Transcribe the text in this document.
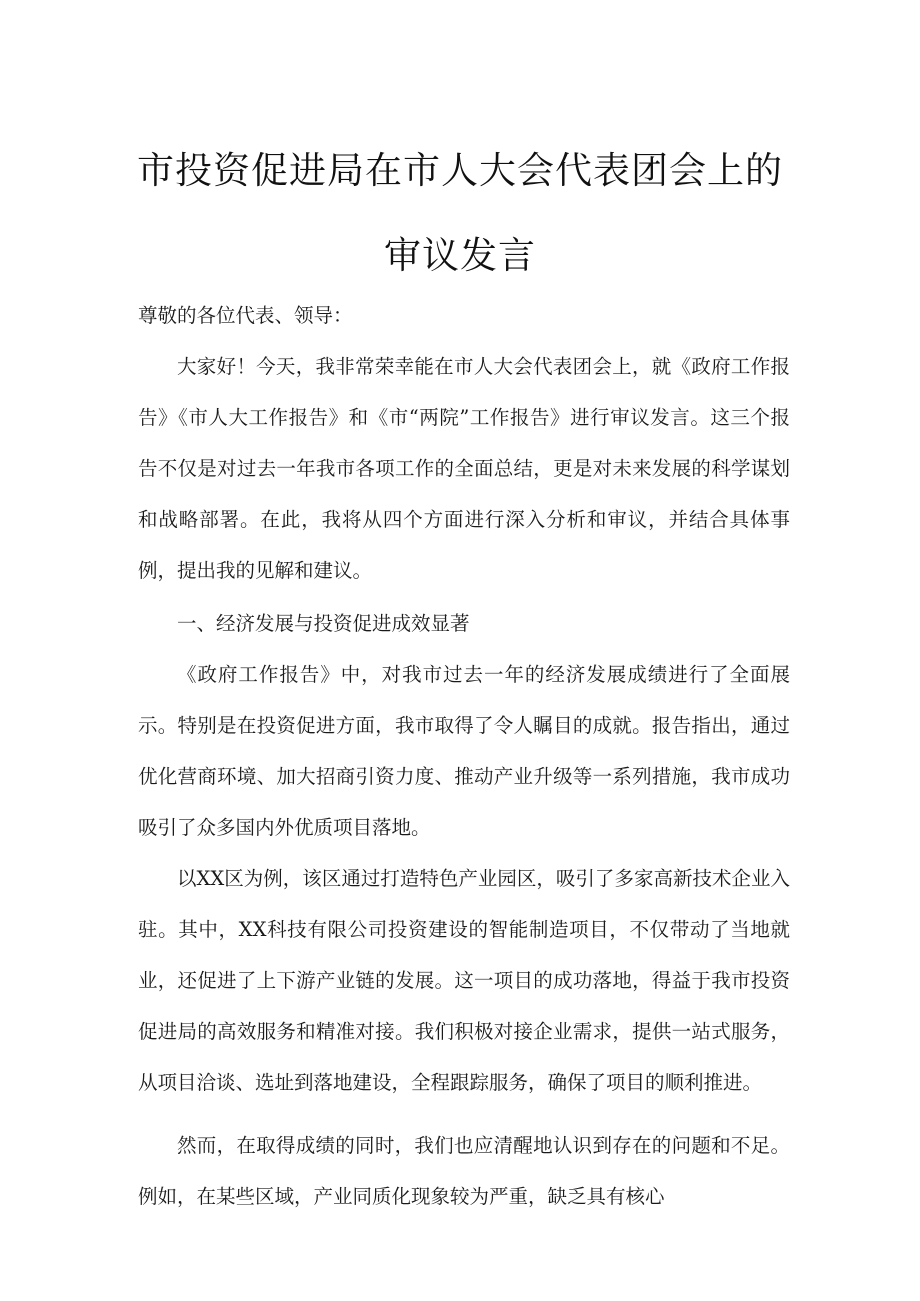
市投资促进局在市人大会代表团会上的
审议发言

尊敬的各位代表、领导：

大家好！今天，我非常荣幸能在市人大会代表团会上，就《政府工作报告》《市人大工作报告》和《市“两院”工作报告》进行审议发言。这三个报告不仅是对过去一年我市各项工作的全面总结，更是对未来发展的科学谋划和战略部署。在此，我将从四个方面进行深入分析和审议，并结合具体事例，提出我的见解和建议。

一、经济发展与投资促进成效显著

《政府工作报告》中，对我市过去一年的经济发展成绩进行了全面展示。特别是在投资促进方面，我市取得了令人瞩目的成就。报告指出，通过优化营商环境、加大招商引资力度、推动产业升级等一系列措施，我市成功吸引了众多国内外优质项目落地。

以XX区为例，该区通过打造特色产业园区，吸引了多家高新技术企业入驻。其中，XX科技有限公司投资建设的智能制造项目，不仅带动了当地就业，还促进了上下游产业链的发展。这一项目的成功落地，得益于我市投资促进局的高效服务和精准对接。我们积极对接企业需求，提供一站式服务，从项目洽谈、选址到落地建设，全程跟踪服务，确保了项目的顺利推进。

然而，在取得成绩的同时，我们也应清醒地认识到存在的问题和不足。例如，在某些区域，产业同质化现象较为严重，缺乏具有核心
